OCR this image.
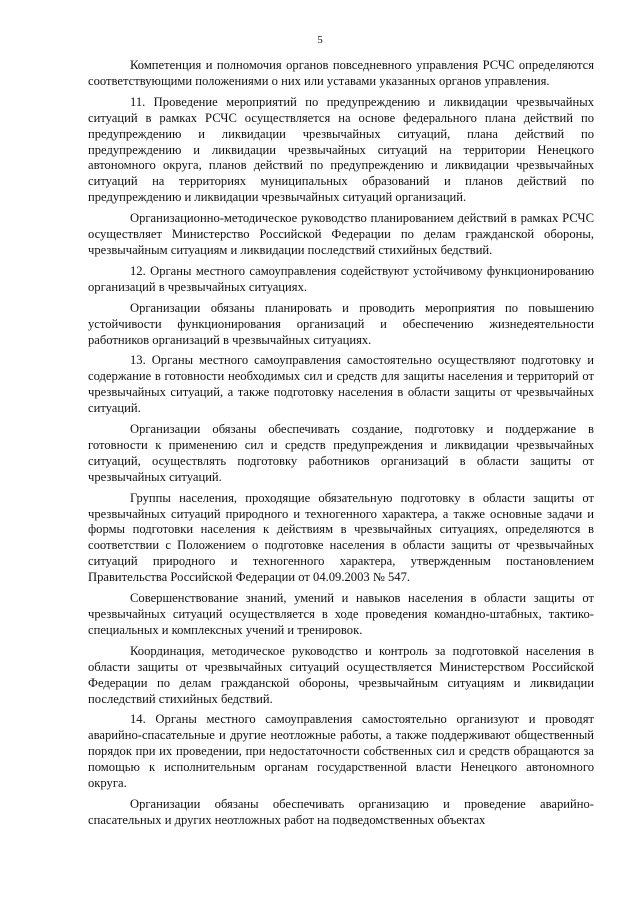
5

Компетенция и полномочия органов повседневного управления РСЧС определяются соответствующими положениями о них или уставами указанных органов управления.

11. Проведение мероприятий по предупреждению и ликвидации чрезвычайных ситуаций в рамках РСЧС осуществляется на основе федерального плана действий по предупреждению и ликвидации чрезвычайных ситуаций, плана действий по предупреждению и ликвидации чрезвычайных ситуаций на территории Ненецкого автономного округа, планов действий по предупреждению и ликвидации чрезвычайных ситуаций на территориях муниципальных образований и планов действий по предупреждению и ликвидации чрезвычайных ситуаций организаций.

Организационно-методическое руководство планированием действий в рамках РСЧС осуществляет Министерство Российской Федерации по делам гражданской обороны, чрезвычайным ситуациям и ликвидации последствий стихийных бедствий.

12. Органы местного самоуправления содействуют устойчивому функционированию организаций в чрезвычайных ситуациях.

Организации обязаны планировать и проводить мероприятия по повышению устойчивости функционирования организаций и обеспечению жизнедеятельности работников организаций в чрезвычайных ситуациях.

13. Органы местного самоуправления самостоятельно осуществляют подготовку и содержание в готовности необходимых сил и средств для защиты населения и территорий от чрезвычайных ситуаций, а также подготовку населения в области защиты от чрезвычайных ситуаций.

Организации обязаны обеспечивать создание, подготовку и поддержание в готовности к применению сил и средств предупреждения и ликвидации чрезвычайных ситуаций, осуществлять подготовку работников организаций в области защиты от чрезвычайных ситуаций.

Группы населения, проходящие обязательную подготовку в области защиты от чрезвычайных ситуаций природного и техногенного характера, а также основные задачи и формы подготовки населения к действиям в чрезвычайных ситуациях, определяются в соответствии с Положением о подготовке населения в области защиты от чрезвычайных ситуаций природного и техногенного характера, утвержденным постановлением Правительства Российской Федерации от 04.09.2003 № 547.

Совершенствование знаний, умений и навыков населения в области защиты от чрезвычайных ситуаций осуществляется в ходе проведения командно-штабных, тактико-специальных и комплексных учений и тренировок.

Координация, методическое руководство и контроль за подготовкой населения в области защиты от чрезвычайных ситуаций осуществляется Министерством Российской Федерации по делам гражданской обороны, чрезвычайным ситуациям и ликвидации последствий стихийных бедствий.

14. Органы местного самоуправления самостоятельно организуют и проводят аварийно-спасательные и другие неотложные работы, а также поддерживают общественный порядок при их проведении, при недостаточности собственных сил и средств обращаются за помощью к исполнительным органам государственной власти Ненецкого автономного округа.

Организации обязаны обеспечивать организацию и проведение аварийно-спасательных и других неотложных работ на подведомственных объектах
